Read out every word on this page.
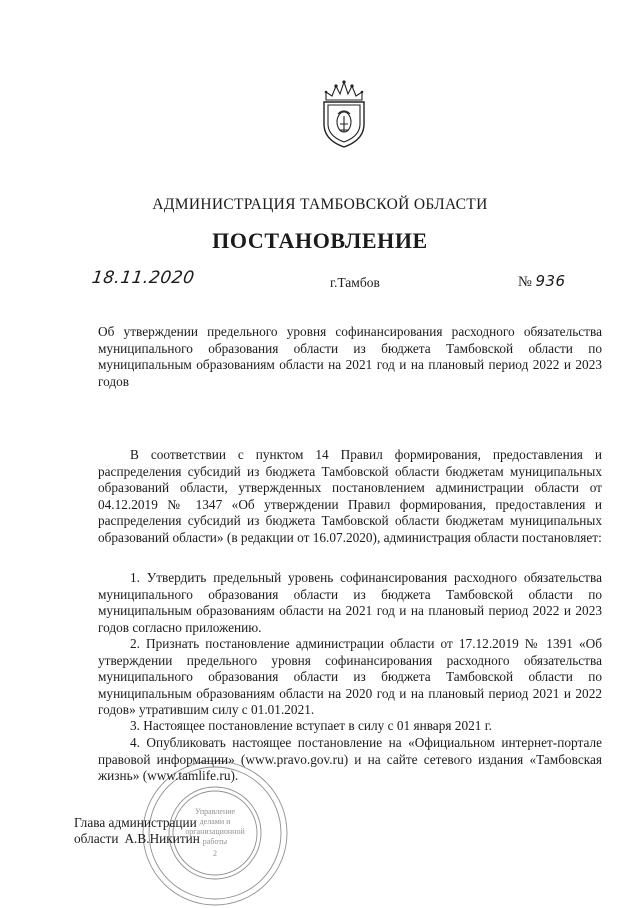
АДМИНИСТРАЦИЯ ТАМБОВСКОЙ ОБЛАСТИ
ПОСТАНОВЛЕНИЕ
18.11.2020	г.Тамбов	№ 936
Об утверждении предельного уровня софинансирования расходного обязательства муниципального образования области из бюджета Тамбовской области по муниципальным образованиям области на 2021 год и на плановый период 2022 и 2023 годов
В соответствии с пунктом 14 Правил формирования, предоставления и распределения субсидий из бюджета Тамбовской области бюджетам муниципальных образований области, утвержденных постановлением администрации области от 04.12.2019 № 1347 «Об утверждении Правил формирования, предоставления и распределения субсидий из бюджета Тамбовской области бюджетам муниципальных образований области» (в редакции от 16.07.2020), администрация области постановляет:
1. Утвердить предельный уровень софинансирования расходного обязательства муниципального образования области из бюджета Тамбовской области по муниципальным образованиям области на 2021 год и на плановый период 2022 и 2023 годов согласно приложению.
2. Признать постановление администрации области от 17.12.2019 № 1391 «Об утверждении предельного уровня софинансирования расходного обязательства муниципального образования области из бюджета Тамбовской области по муниципальным образованиям области на 2020 год и на плановый период 2021 и 2022 годов» утратившим силу с 01.01.2021.
3. Настоящее постановление вступает в силу с 01 января 2021 г.
4. Опубликовать настоящее постановление на «Официальном интернет-портале правовой информации» (www.pravo.gov.ru) и на сайте сетевого издания «Тамбовская жизнь» (www.tamlife.ru).
Управление
делами и
организационной
работы
2
Глава администрации
области А.В.Никитин
